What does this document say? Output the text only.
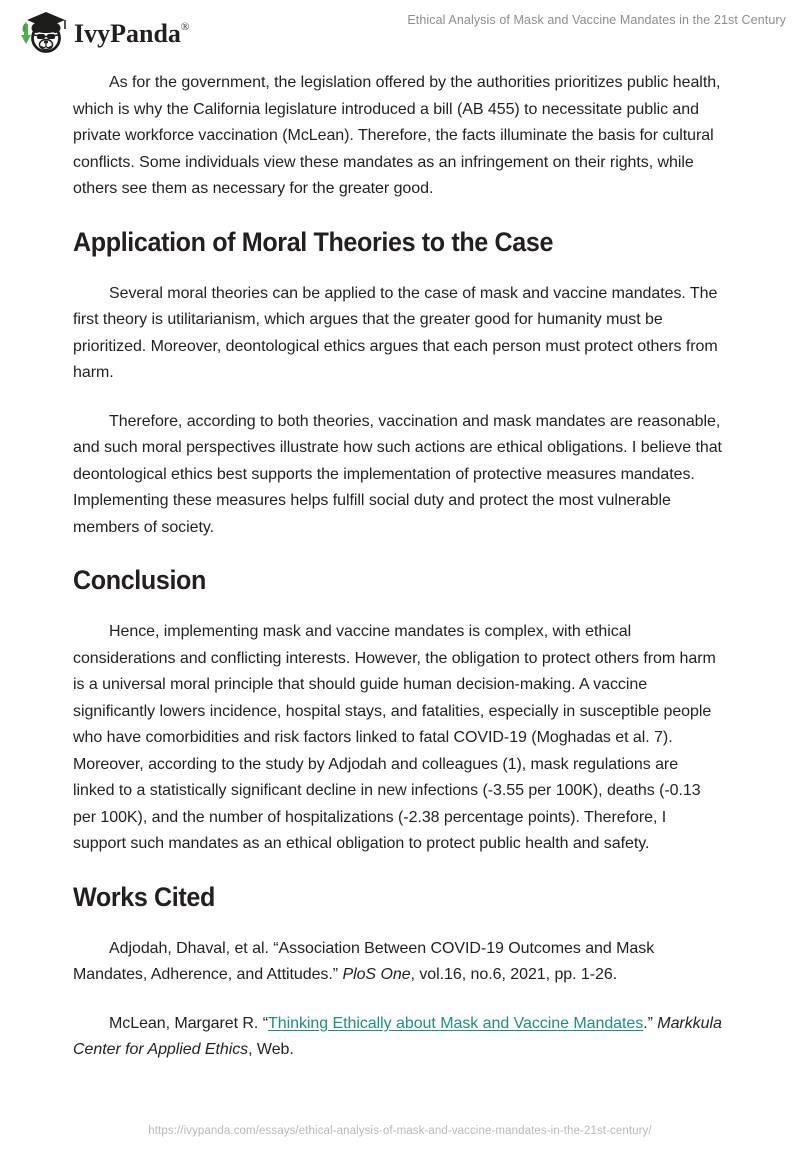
IvyPanda®
Ethical Analysis of Mask and Vaccine Mandates in the 21st Century

As for the government, the legislation offered by the authorities prioritizes public health, which is why the California legislature introduced a bill (AB 455) to necessitate public and private workforce vaccination (McLean). Therefore, the facts illuminate the basis for cultural conflicts. Some individuals view these mandates as an infringement on their rights, while others see them as necessary for the greater good.

Application of Moral Theories to the Case

Several moral theories can be applied to the case of mask and vaccine mandates. The first theory is utilitarianism, which argues that the greater good for humanity must be prioritized. Moreover, deontological ethics argues that each person must protect others from harm.

Therefore, according to both theories, vaccination and mask mandates are reasonable, and such moral perspectives illustrate how such actions are ethical obligations. I believe that deontological ethics best supports the implementation of protective measures mandates. Implementing these measures helps fulfill social duty and protect the most vulnerable members of society.

Conclusion

Hence, implementing mask and vaccine mandates is complex, with ethical considerations and conflicting interests. However, the obligation to protect others from harm is a universal moral principle that should guide human decision-making. A vaccine significantly lowers incidence, hospital stays, and fatalities, especially in susceptible people who have comorbidities and risk factors linked to fatal COVID-19 (Moghadas et al. 7). Moreover, according to the study by Adjodah and colleagues (1), mask regulations are linked to a statistically significant decline in new infections (-3.55 per 100K), deaths (-0.13 per 100K), and the number of hospitalizations (-2.38 percentage points). Therefore, I support such mandates as an ethical obligation to protect public health and safety.

Works Cited

Adjodah, Dhaval, et al. “Association Between COVID-19 Outcomes and Mask Mandates, Adherence, and Attitudes.” PloS One, vol.16, no.6, 2021, pp. 1-26.

McLean, Margaret R. “Thinking Ethically about Mask and Vaccine Mandates.” Markkula Center for Applied Ethics, Web.

https://ivypanda.com/essays/ethical-analysis-of-mask-and-vaccine-mandates-in-the-21st-century/
